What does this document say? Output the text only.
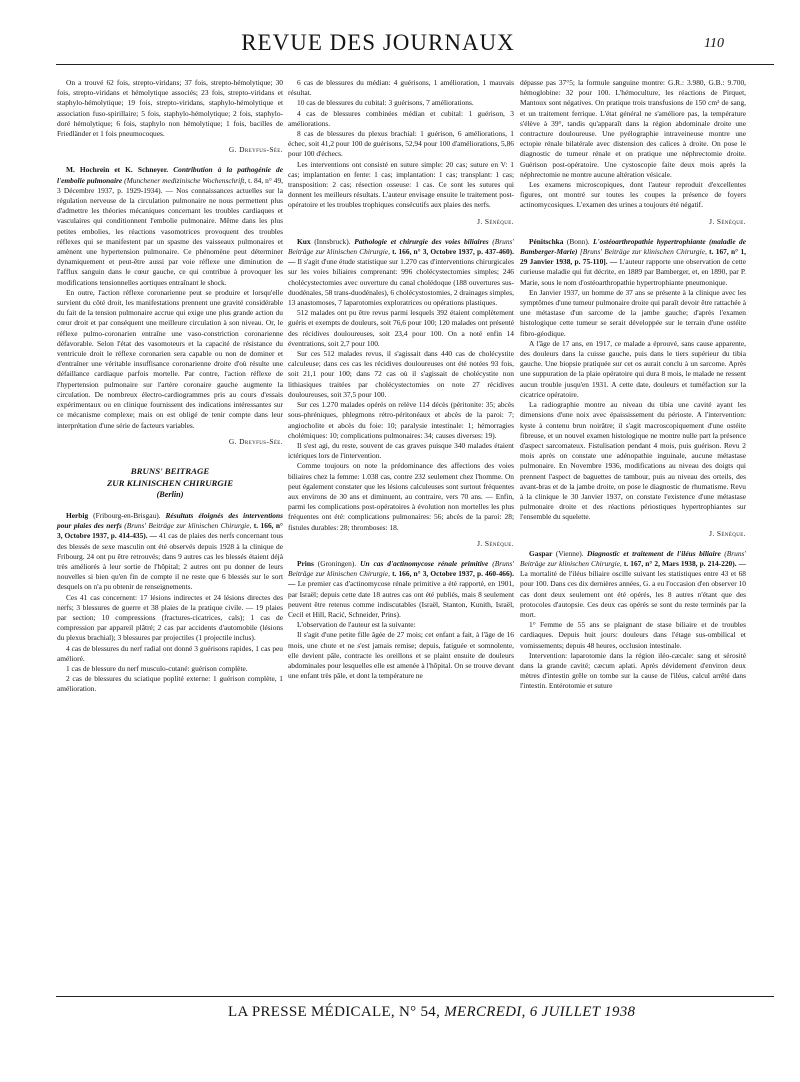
REVUE DES JOURNAUX	110

On a trouvé 62 fois, strepto-viridans; 37 fois, strepto-hémolytique; 30 fois, strepto-viridans et hémolytique associés; 23 fois, strepto-viridans et staphylo-hémolytique; 19 fois, strepto-viridans, staphylo-hémolytique et association fuso-spirillaire; 5 fois, staphylo-hémolytique; 2 fois, staphylo-doré hémolytique; 6 fois, staphylo non hémolytique; 1 fois, bacilles de Friedländer et 1 fois pneumocoques.

G. Dreyfus-Sée.

M. Hochrein et K. Schneyer. Contribution à la pathogénie de l'embolie pulmonaire (Munchener medizinische Wochenschrift, t. 84, n° 49, 3 Décembre 1937, p. 1929-1934). — Nos connaissances actuelles sur la régulation nerveuse de la circulation pulmonaire ne nous permettent plus d'admettre les théories mécaniques concernant les troubles cardiaques et vasculaires qui conditionnent l'embolie pulmonaire. Même dans les plus petites embolies, les réactions vasomotrices provoquent des troubles réflexes qui se manifestent par un spasme des vaisseaux pulmonaires et amènent une hypertension pulmonaire. Ce phénomène peut déterminer dynamiquement et peut-être aussi par voie réflexe une diminution de l'afflux sanguin dans le cœur gauche, ce qui contribue à provoquer les modifications tensionnelles aortiques entraînant le shock.

En outre, l'action réflexe coronarienne peut se produire et lorsqu'elle survient du côté droit, les manifestations prennent une gravité considérable du fait de la tension pulmonaire accrue qui exige une plus grande action du cœur droit et par conséquent une meilleure circulation à son niveau. Or, le réflexe pulmo-coronarien entraîne une vaso-constriction coronarienne défavorable. Selon l'état des vasomoteurs et la capacité de résistance du ventricule droit le réflexe coronarien sera capable ou non de dominer et d'entraîner une véritable insuffisance coronarienne droite d'où résulte une défaillance cardiaque parfois mortelle. Par contre, l'action réflexe de l'hypertension pulmonaire sur l'artère coronaire gauche augmente la circulation. De nombreux électro-cardiogrammes pris au cours d'essais expérimentaux ou en clinique fournissent des indications intéressantes sur ce mécanisme complexe; mais on est obligé de tenir compte dans leur interprétation d'une série de facteurs variables.

G. Dreyfus-Sée.
BRUNS' BEITRAGE
ZUR KLINISCHEN CHIRURGIE
(Berlin)

Herbig (Fribourg-en-Brisgau). Résultats éloignés des interventions pour plaies des nerfs (Bruns' Beiträge zur klinischen Chirurgie, t. 166, n° 3, Octobre 1937, p. 414-435). — 41 cas de plaies des nerfs concernant tous des blessés de sexe masculin ont été observés depuis 1928 à la clinique de Fribourg. 24 ont pu être retrouvés; dans 9 autres cas les blessés étaient déjà très améliorés à leur sortie de l'hôpital; 2 autres ont pu donner de leurs nouvelles si bien qu'en fin de compte il ne reste que 6 blessés sur le sort desquels on n'a pu obtenir de renseignements.

Ces 41 cas concernent: 17 lésions indirectes et 24 lésions directes des nerfs; 3 blessures de guerre et 38 plaies de la pratique civile. — 19 plaies par section; 10 compressions (fractures-cicatrices, cals); 1 cas de compression par appareil plâtré; 2 cas par accidents d'automobile (lésions du plexus brachial); 3 blessures par projectiles (1 projectile inclus).

4 cas de blessures du nerf radial ont donné 3 guérisons rapides, 1 cas peu amélioré.

1 cas de blessure du nerf musculo-cutané: guérison complète.

2 cas de blessures du sciatique poplité externe: 1 guérison complète, 1 amélioration.

6 cas de blessures du médian: 4 guérisons, 1 amélioration, 1 mauvais résultat.

10 cas de blessures du cubital: 3 guérisons, 7 améliorations.

4 cas de blessures combinées médian et cubital: 1 guérison, 3 améliorations.

8 cas de blessures du plexus brachial: 1 guérison, 6 améliorations, 1 échec, soit 41,2 pour 100 de guérisons, 52,94 pour 100 d'améliorations, 5,86 pour 100 d'échecs.

Les interventions ont consisté en suture simple: 20 cas; suture en V: 1 cas; implantation en fente: 1 cas; implantation: 1 cas; transplant: 1 cas; transposition: 2 cas; résection osseuse: 1 cas. Ce sont les sutures qui donnent les meilleurs résultats. L'auteur envisage ensuite le traitement post-opératoire et les troubles trophiques consécutifs aux plaies des nerfs.

J. Sénèque.

Kux (Innsbruck). Pathologie et chirurgie des voies biliaires (Bruns' Beiträge zur klinischen Chirurgie, t. 166, n° 3, Octobre 1937, p. 437-460). — Il s'agit d'une étude statistique sur 1.270 cas d'interventions chirurgicales sur les voies biliaires comprenant: 996 cholécystectomies simples; 246 cholécystectomies avec ouverture du canal cholédoque (188 ouvertures sus-duodénales, 58 trans-duodénales), 6 cholécystostomies, 2 drainages simples, 13 anastomoses, 7 laparotomies exploratrices ou opérations plastiques.

512 malades ont pu être revus parmi lesquels 392 étaient complètement guéris et exempts de douleurs, soit 76,6 pour 100; 120 malades ont présenté des récidives douloureuses, soit 23,4 pour 100. On a noté enfin 14 éventrations, soit 2,7 pour 100.

Sur ces 512 malades revus, il s'agissait dans 440 cas de cholécystite calculeuse; dans ces cas les récidives douloureuses ont été notées 93 fois, soit 21,1 pour 100; dans 72 cas où il s'agissait de cholécystite non lithiasiques traitées par cholécystectomies on note 27 récidives douloureuses, soit 37,5 pour 100.

Sur ces 1.270 malades opérés on relève 114 décès (péritonite: 35; abcès sous-phréniques, phlegmons rétro-péritonéaux et abcès de la paroi: 7; angiocholite et abcès du foie: 10; paralysie intestinale: 1; hémorragies cholémiques: 10; complications pulmonaires: 34; causes diverses: 19).

Il s'est agi, du reste, souvent de cas graves puisque 340 malades étaient ictériques lors de l'intervention.

Comme toujours on note la prédominance des affections des voies biliaires chez la femme: 1.038 cas, contre 232 seulement chez l'homme. On peut également constater que les lésions calculeuses sont surtout fréquentes aux environs de 30 ans et diminuent, au contraire, vers 70 ans. — Enfin, parmi les complications post-opératoires à évolution non mortelles les plus fréquentes ont été: complications pulmonaires: 56; abcès de la paroi: 28; fistules durables: 28; thromboses: 18.

J. Sénèque.

Prins (Groningen). Un cas d'actinomycose rénale primitive (Bruns' Beiträge zur klinischen Chirurgie, t. 166, n° 3, Octobre 1937, p. 460-466). — Le premier cas d'actinomycose rénale primitive a été rapporté, en 1901, par Israël; depuis cette date 18 autres cas ont été publiés, mais 8 seulement peuvent être retenus comme indiscutables (Israël, Stanton, Kunith, Israël, Cecil et Hill, Racić, Schneider, Prins).

L'observation de l'auteur est la suivante:

Il s'agit d'une petite fille âgée de 27 mois; cet enfant a fait, à l'âge de 16 mois, une chute et ne s'est jamais remise; depuis, fatiguée et somnolente, elle devient pâle, contracte les oreillons et se plaint ensuite de douleurs abdominales pour lesquelles elle est amenée à l'hôpital. On se trouve devant une enfant très pâle, et dont la température ne

dépasse pas 37°5; la formule sanguine montre: G.R.: 3.980, G.B.: 9.700, hémoglobine: 32 pour 100. L'hémoculture, les réactions de Pirquet, Mantoux sont négatives. On pratique trois transfusions de 150 cm³ de sang, et un traitement ferrique. L'état général ne s'améliore pas, la température s'élève à 39°, tandis qu'apparaît dans la région abdominale droite une contracture douloureuse. Une pyélographie intraveineuse montre une ectopie rénale bilatérale avec distension des calices à droite. On pose le diagnostic de tumeur rénale et on pratique une néphrectomie droite. Guérison post-opératoire. Une cystoscopie faite deux mois après la néphrectomie ne montre aucune altération vésicale.

Les examens microscopiques, dont l'auteur reproduit d'excellentes figures, ont montré sur toutes les coupes la présence de foyers actinomycosiques. L'examen des urines a toujours été négatif.

J. Sénèque.

Pénitschka (Bonn). L'ostéoarthropathie hypertrophiante (maladie de Bamberger-Marie) [Bruns' Beiträge zur klinischen Chirurgie, t. 167, n° 1, 29 Janvier 1938, p. 75-110]. — L'auteur rapporte une observation de cette curieuse maladie qui fut décrite, en 1889 par Bamberger, et, en 1890, par P. Marie, sous le nom d'ostéoarthropathie hypertrophiante pneumonique.

En Janvier 1937, un homme de 37 ans se présente à la clinique avec les symptômes d'une tumeur pulmonaire droite qui paraît devoir être rattachée à une métastase d'un sarcome de la jambe gauche; d'après l'examen histologique cette tumeur se serait développée sur le terrain d'une ostéite fibro-géodique.

A l'âge de 17 ans, en 1917, ce malade a éprouvé, sans cause apparente, des douleurs dans la cuisse gauche, puis dans le tiers supérieur du tibia gauche. Une biopsie pratiquée sur cet os aurait conclu à un sarcome. Après une suppuration de la plaie opératoire qui dura 8 mois, le malade ne ressent aucun trouble jusqu'en 1931. A cette date, douleurs et tuméfaction sur la cicatrice opératoire.

La radiographie montre au niveau du tibia une cavité ayant les dimensions d'une noix avec épaississement du périoste. A l'intervention: kyste à contenu brun noirâtre; il s'agit macroscopiquement d'une ostéite fibreuse, et un nouvel examen histologique ne montre nulle part la présence d'aspect sarcomateux. Fistulisation pendant 4 mois, puis guérison. Revu 2 mois après on constate une adénopathie inguinale, aucune métastase pulmonaire. En Novembre 1936, modifications au niveau des doigts qui prennent l'aspect de baguettes de tambour, puis au niveau des orteils, des avant-bras et de la jambe droite, on pose le diagnostic de rhumatisme. Revu à la clinique le 30 Janvier 1937, on constate l'existence d'une métastase pulmonaire droite et des réactions périostiques hypertrophiantes sur l'ensemble du squelette.

J. Sénèque.

Gaspar (Vienne). Diagnostic et traitement de l'iléus biliaire (Bruns' Beiträge zur klinischen Chirurgie, t. 167, n° 2, Mars 1938, p. 214-220). — La mortalité de l'iléus biliaire oscille suivant les statistiques entre 43 et 68 pour 100. Dans ces dix dernières années, G. a eu l'occasion d'en observer 10 cas dont deux seulement ont été opérés, les 8 autres n'étant que des protocoles d'autopsie. Ces deux cas opérés se sont du reste terminés par la mort.

1° Femme de 55 ans se plaignant de stase biliaire et de troubles cardiaques. Depuis huit jours: douleurs dans l'étage sus-ombilical et vomissements; depuis 48 heures, occlusion intestinale.

Intervention: laparotomie dans la région iléo-cæcale: sang et sérosité dans la grande cavité; cæcum aplati. Après dévidement d'environ deux mètres d'intestin grêle on tombe sur la cause de l'iléus, calcul arrêté dans l'intestin. Entérotomie et suture

LA PRESSE MÉDICALE, N° 54, MERCREDI, 6 JUILLET 1938
